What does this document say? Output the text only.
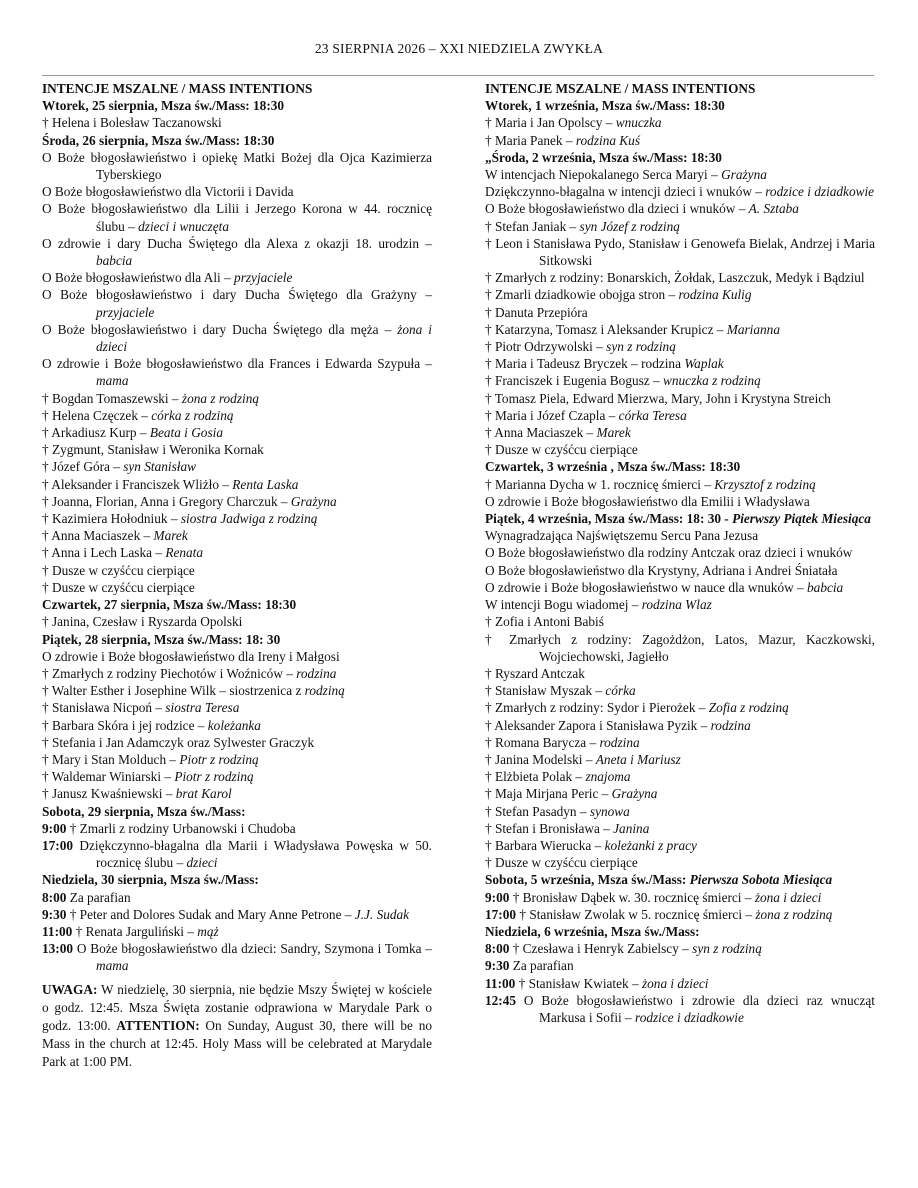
23 SIERPNIA 2026 – XXI NIEDZIELA ZWYKŁA
INTENCJE MSZALNE / MASS INTENTIONS
Wtorek, 25 sierpnia, Msza św./Mass: 18:30
† Helena i Bolesław Taczanowski
Środa, 26 sierpnia, Msza św./Mass: 18:30
O Boże błogosławieństwo i opiekę Matki Bożej dla Ojca Kazimierza Tyberskiego
O Boże błogosławieństwo dla Victorii i Davida
O Boże błogosławieństwo dla Lilii i Jerzego Korona w 44. rocznicę ślubu – dzieci i wnuczęta
O zdrowie i dary Ducha Świętego dla Alexa z okazji 18. urodzin – babcia
O Boże błogosławieństwo dla Ali – przyjaciele
O Boże błogosławieństwo i dary Ducha Świętego dla Grażyny – przyjaciele
O Boże błogosławieństwo i dary Ducha Świętego dla męża – żona i dzieci
O zdrowie i Boże błogosławieństwo dla Frances i Edwarda Szypuła – mama
† Bogdan Tomaszewski – żona z rodziną
† Helena Częczek – córka z rodziną
† Arkadiusz Kurp – Beata i Gosia
† Zygmunt, Stanisław i Weronika Kornak
† Józef Góra – syn Stanisław
† Aleksander i Franciszek Wliżło – Renta Laska
† Joanna, Florian, Anna i Gregory Charczuk – Grażyna
† Kazimiera Hołodniuk – siostra Jadwiga z rodziną
† Anna Maciaszek – Marek
† Anna i Lech Laska – Renata
† Dusze w czyśćcu cierpiące
† Dusze w czyśćcu cierpiące
Czwartek, 27 sierpnia, Msza św./Mass: 18:30
† Janina, Czesław i Ryszarda Opolski
Piątek, 28 sierpnia, Msza św./Mass: 18: 30
O zdrowie i Boże błogosławieństwo dla Ireny i Małgosi
† Zmarłych z rodziny Piechotów i Woźniców – rodzina
† Walter Esther i Josephine Wilk – siostrzenica z rodziną
† Stanisława Nicpoń – siostra Teresa
† Barbara Skóra i jej rodzice – koleżanka
† Stefania i Jan Adamczyk oraz Sylwester Graczyk
† Mary i Stan Molduch – Piotr z rodziną
† Waldemar Winiarski – Piotr z rodziną
† Janusz Kwaśniewski – brat Karol
Sobota, 29 sierpnia, Msza św./Mass:
9:00 † Zmarli z rodziny Urbanowski i Chudoba
17:00 Dziękczynno-błagalna dla Marii i Władysława Powęska w 50. rocznicę ślubu – dzieci
Niedziela, 30 sierpnia, Msza św./Mass:
8:00 Za parafian
9:30 † Peter and Dolores Sudak and Mary Anne Petrone – J.J. Sudak
11:00 † Renata Jarguliński – mąż
13:00 O Boże błogosławieństwo dla dzieci: Sandry, Szymona i Tomka – mama
UWAGA: W niedzielę, 30 sierpnia, nie będzie Mszy Świętej w kościele o godz. 12:45. Msza Święta zostanie odprawiona w Marydale Park o godz. 13:00. ATTENTION: On Sunday, August 30, there will be no Mass in the church at 12:45. Holy Mass will be celebrated at Marydale Park at 1:00 PM.
INTENCJE MSZALNE / MASS INTENTIONS
Wtorek, 1 września, Msza św./Mass: 18:30
† Maria i Jan Opolscy – wnuczka
† Maria Panek – rodzina Kuś
„Środa, 2 września, Msza św./Mass: 18:30
W intencjach Niepokalanego Serca Maryi – Grażyna
Dziękczynno-błagalna w intencji dzieci i wnuków – rodzice i dziadkowie
O Boże błogosławieństwo dla dzieci i wnuków – A. Sztaba
† Stefan Janiak – syn Józef z rodziną
† Leon i Stanisława Pydo, Stanisław i Genowefa Bielak, Andrzej i Maria Sitkowski
† Zmarłych z rodziny: Bonarskich, Żołdak, Laszczuk, Medyk i Bądziul
† Zmarli dziadkowie obojga stron – rodzina Kulig
† Danuta Przepióra
† Katarzyna, Tomasz i Aleksander Krupicz – Marianna
† Piotr Odrzywolski – syn z rodziną
† Maria i Tadeusz Bryczek – rodzina Waplak
† Franciszek i Eugenia Bogusz – wnuczka z rodziną
† Tomasz Piela, Edward Mierzwa, Mary, John i Krystyna Streich
† Maria i Józef Czapla – córka Teresa
† Anna Maciaszek – Marek
† Dusze w czyśćcu cierpiące
Czwartek, 3 września , Msza św./Mass: 18:30
† Marianna Dycha w 1. rocznicę śmierci – Krzysztof z rodziną
O zdrowie i Boże błogosławieństwo dla Emilii i Władysława
Piątek, 4 września, Msza św./Mass: 18: 30 - Pierwszy Piątek Miesiąca
Wynagradzająca Najświętszemu Sercu Pana Jezusa
O Boże błogosławieństwo dla rodziny Antczak oraz dzieci i wnuków
O Boże błogosławieństwo dla Krystyny, Adriana i Andrei Śniatała
O zdrowie i Boże błogosławieństwo w nauce dla wnuków – babcia
W intencji Bogu wiadomej – rodzina Wlaz
† Zofia i Antoni Babiś
† Zmarłych z rodziny: Zagożdżon, Latos, Mazur, Kaczkowski, Wojciechowski, Jagiełło
† Ryszard Antczak
† Stanisław Myszak – córka
† Zmarłych z rodziny: Sydor i Pierożek – Zofia z rodziną
† Aleksander Zapora i Stanisława Pyzik – rodzina
† Romana Barycza – rodzina
† Janina Modelski – Aneta i Mariusz
† Elżbieta Polak – znajoma
† Maja Mirjana Peric – Grażyna
† Stefan Pasadyn – synowa
† Stefan i Bronisława – Janina
† Barbara Wierucka – koleżanki z pracy
† Dusze w czyśćcu cierpiące
Sobota, 5 września, Msza św./Mass: Pierwsza Sobota Miesiąca
9:00 † Bronisław Dąbek w. 30. rocznicę śmierci – żona i dzieci
17:00 † Stanisław Zwolak w 5. rocznicę śmierci – żona z rodziną
Niedziela, 6 września, Msza św./Mass:
8:00 † Czesława i Henryk Zabielscy – syn z rodziną
9:30 Za parafian
11:00 † Stanisław Kwiatek – żona i dzieci
12:45 O Boże błogosławieństwo i zdrowie dla dzieci raz wnucząt Markusa i Sofii – rodzice i dziadkowie
